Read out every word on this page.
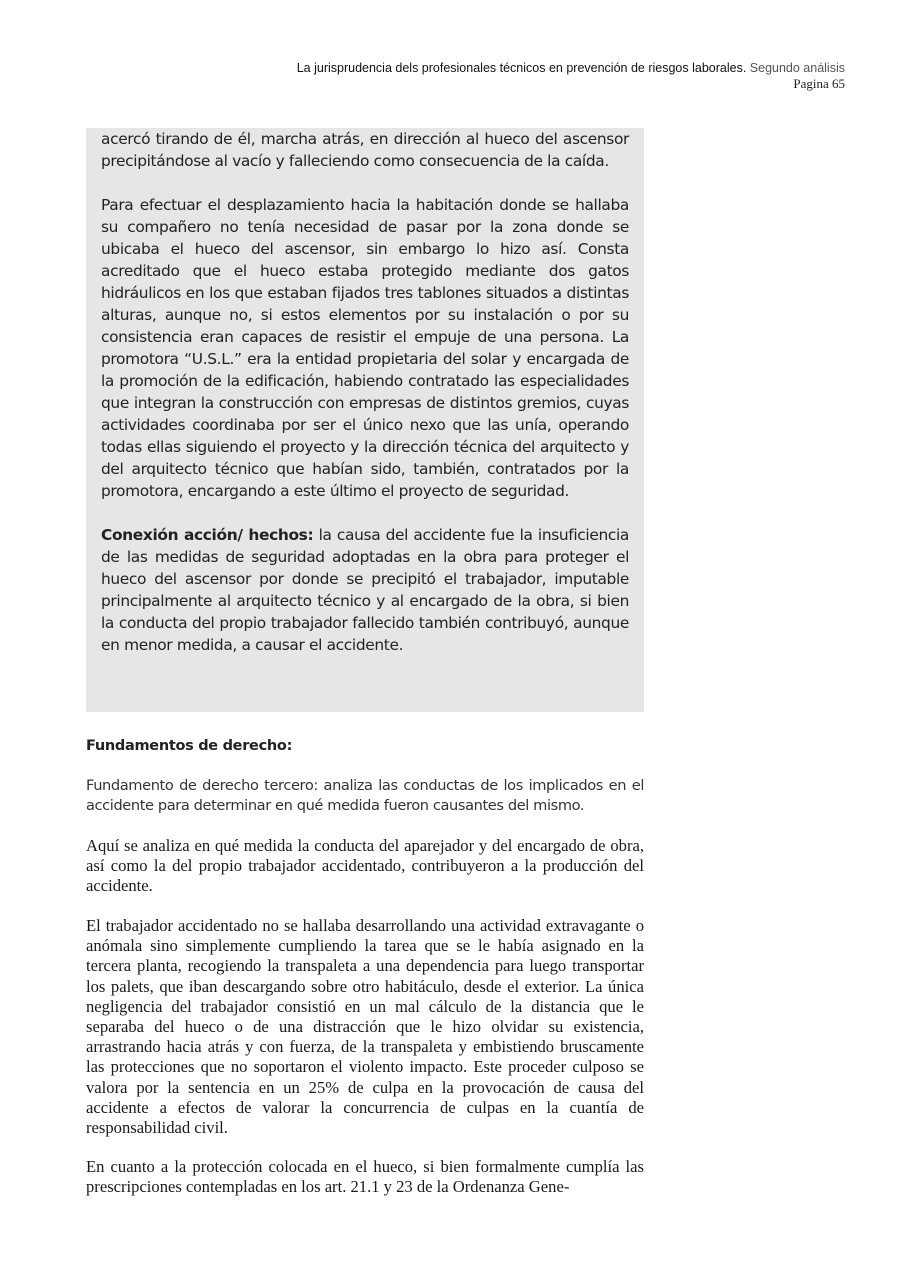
La jurisprudencia dels profesionales técnicos en prevención de riesgos laborales. Segundo análisis
Pagina 65

acercó tirando de él, marcha atrás, en dirección al hueco del ascensor precipitándose al vacío y falleciendo como consecuencia de la caída.

Para efectuar el desplazamiento hacia la habitación donde se hallaba su compañero no tenía necesidad de pasar por la zona donde se ubicaba el hueco del ascensor, sin embargo lo hizo así. Consta acreditado que el hueco estaba protegido mediante dos gatos hidráulicos en los que estaban fijados tres tablones situados a distintas alturas, aunque no, si estos elementos por su instalación o por su consistencia eran capaces de resistir el empuje de una persona. La promotora “U.S.L.” era la entidad propietaria del solar y encargada de la promoción de la edificación, habiendo contratado las especialidades que integran la construcción con empresas de distintos gremios, cuyas actividades coordinaba por ser el único nexo que las unía, operando todas ellas siguiendo el proyecto y la dirección técnica del arquitecto y del arquitecto técnico que habían sido, también, contratados por la promotora, encargando a este último el proyecto de seguridad.

Conexión acción/ hechos: la causa del accidente fue la insuficiencia de las medidas de seguridad adoptadas en la obra para proteger el hueco del ascensor por donde se precipitó el trabajador, imputable principalmente al arquitecto técnico y al encargado de la obra, si bien la conducta del propio trabajador fallecido también contribuyó, aunque en menor medida, a causar el accidente.

Fundamentos de derecho:
Fundamento de derecho tercero: analiza las conductas de los implicados en el accidente para determinar en qué medida fueron causantes del mismo.
Aquí se analiza en qué medida la conducta del aparejador y del encargado de obra, así como la del propio trabajador accidentado, contribuyeron a la producción del accidente.
El trabajador accidentado no se hallaba desarrollando una actividad extravagante o anómala sino simplemente cumpliendo la tarea que se le había asignado en la tercera planta, recogiendo la transpaleta a una dependencia para luego transportar los palets, que iban descargando sobre otro habitáculo, desde el exterior. La única negligencia del trabajador consistió en un mal cálculo de la distancia que le separaba del hueco o de una distracción que le hizo olvidar su existencia, arrastrando hacia atrás y con fuerza, de la transpaleta y embistiendo bruscamente las protecciones que no soportaron el violento impacto. Este proceder culposo se valora por la sentencia en un 25% de culpa en la provocación de causa del accidente a efectos de valorar la concurrencia de culpas en la cuantía de responsabilidad civil.
En cuanto a la protección colocada en el hueco, si bien formalmente cumplía las prescripciones contempladas en los art. 21.1 y 23 de la Ordenanza Gene-
